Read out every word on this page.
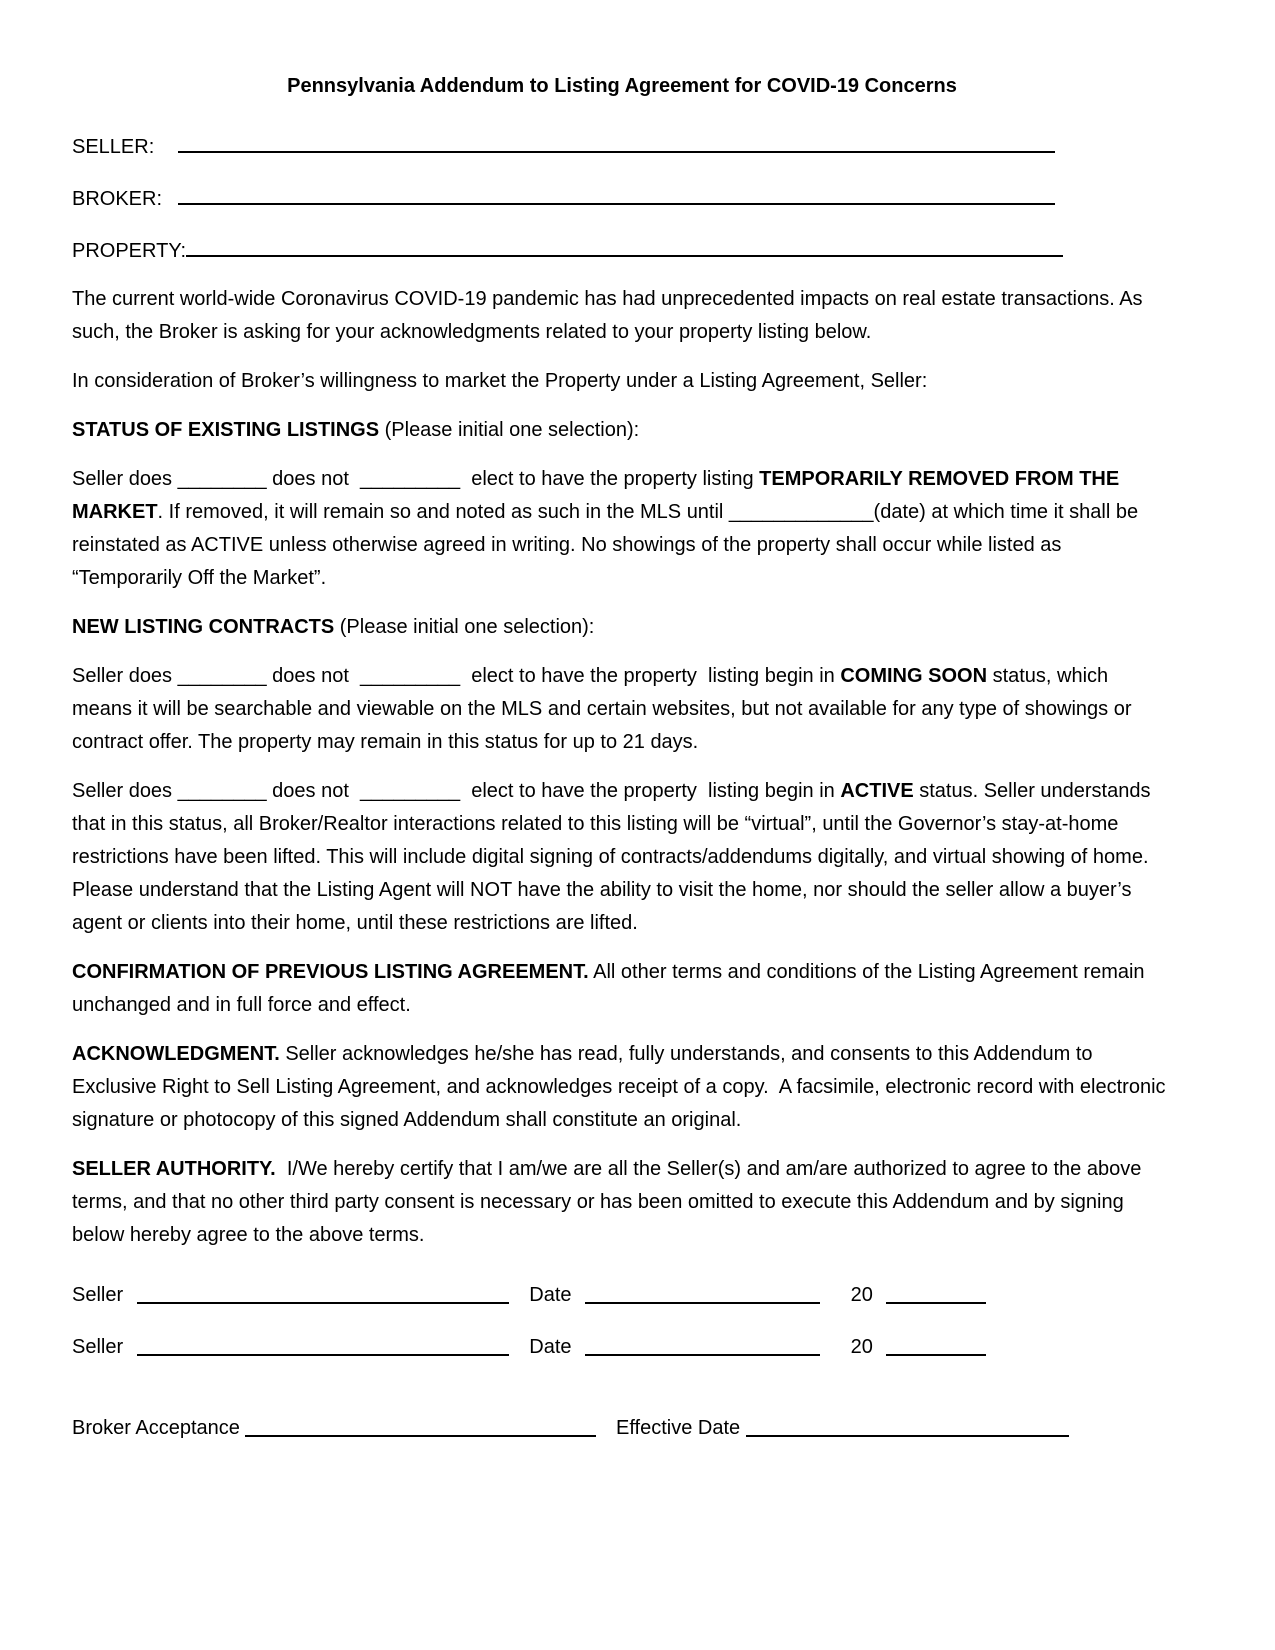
Pennsylvania Addendum to Listing Agreement for COVID-19 Concerns

SELLER:
BROKER:
PROPERTY:

The current world-wide Coronavirus COVID-19 pandemic has had unprecedented impacts on real estate transactions. As such, the Broker is asking for your acknowledgments related to your property listing below.

In consideration of Broker’s willingness to market the Property under a Listing Agreement, Seller:

STATUS OF EXISTING LISTINGS (Please initial one selection):

Seller does ________ does not  _________  elect to have the property listing TEMPORARILY REMOVED FROM THE MARKET. If removed, it will remain so and noted as such in the MLS until _____________(date) at which time it shall be reinstated as ACTIVE unless otherwise agreed in writing. No showings of the property shall occur while listed as “Temporarily Off the Market”.

NEW LISTING CONTRACTS (Please initial one selection):

Seller does ________ does not  _________  elect to have the property  listing begin in COMING SOON status, which means it will be searchable and viewable on the MLS and certain websites, but not available for any type of showings or contract offer. The property may remain in this status for up to 21 days.

Seller does ________ does not  _________  elect to have the property  listing begin in ACTIVE status. Seller understands that in this status, all Broker/Realtor interactions related to this listing will be “virtual”, until the Governor’s stay-at-home restrictions have been lifted. This will include digital signing of contracts/addendums digitally, and virtual showing of home. Please understand that the Listing Agent will NOT have the ability to visit the home, nor should the seller allow a buyer’s agent or clients into their home, until these restrictions are lifted.

CONFIRMATION OF PREVIOUS LISTING AGREEMENT. All other terms and conditions of the Listing Agreement remain unchanged and in full force and effect.

ACKNOWLEDGMENT. Seller acknowledges he/she has read, fully understands, and consents to this Addendum to Exclusive Right to Sell Listing Agreement, and acknowledges receipt of a copy.  A facsimile, electronic record with electronic signature or photocopy of this signed Addendum shall constitute an original.

SELLER AUTHORITY.  I/We hereby certify that I am/we are all the Seller(s) and am/are authorized to agree to the above terms, and that no other third party consent is necessary or has been omitted to execute this Addendum and by signing below hereby agree to the above terms.

Seller	Date	20
Seller	Date	20
Broker Acceptance	Effective Date
